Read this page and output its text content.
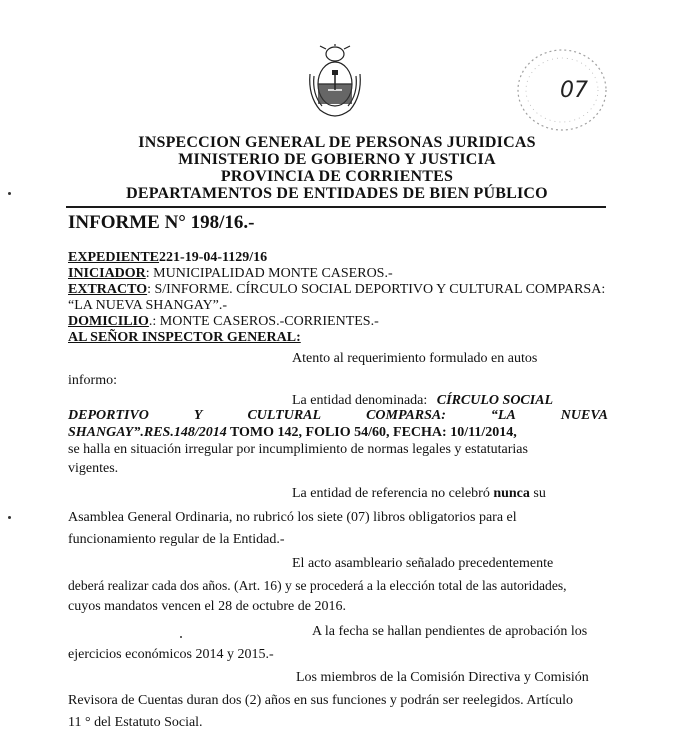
07
INSPECCION GENERAL DE PERSONAS JURIDICAS
MINISTERIO DE GOBIERNO Y JUSTICIA
PROVINCIA DE CORRIENTES
DEPARTAMENTOS DE ENTIDADES DE BIEN PÚBLICO
INFORME N° 198/16.-
EXPEDIENTE221-19-04-1129/16
INICIADOR: MUNICIPALIDAD MONTE CASEROS.-
EXTRACTO: S/INFORME. CÍRCULO SOCIAL DEPORTIVO Y CULTURAL COMPARSA:
“LA NUEVA SHANGAY”.-
DOMICILIO.: MONTE CASEROS.-CORRIENTES.-
AL SEÑOR INSPECTOR GENERAL:
Atento al requerimiento formulado en autos
informo:
La entidad denominada: CÍRCULO SOCIAL
DEPORTIVO	Y	CULTURAL	COMPARSA:	“LA	NUEVA
SHANGAY”.RES.148/2014 TOMO 142, FOLIO 54/60, FECHA: 10/11/2014,
se halla en situación irregular por incumplimiento de normas legales y estatutarias
vigentes.
La entidad de referencia no celebró nunca su
Asamblea General Ordinaria, no rubricó los siete (07) libros obligatorios para el
funcionamiento regular de la Entidad.-
El acto asambleario señalado precedentemente
deberá realizar cada dos años. (Art. 16) y se procederá a la elección total de las autoridades,
cuyos mandatos vencen el 28 de octubre de 2016.
A la fecha se hallan pendientes de aprobación los
ejercicios económicos 2014 y 2015.-
Los miembros de la Comisión Directiva y Comisión
Revisora de Cuentas duran dos (2) años en sus funciones y podrán ser reelegidos. Artículo
11 ° del Estatuto Social.
